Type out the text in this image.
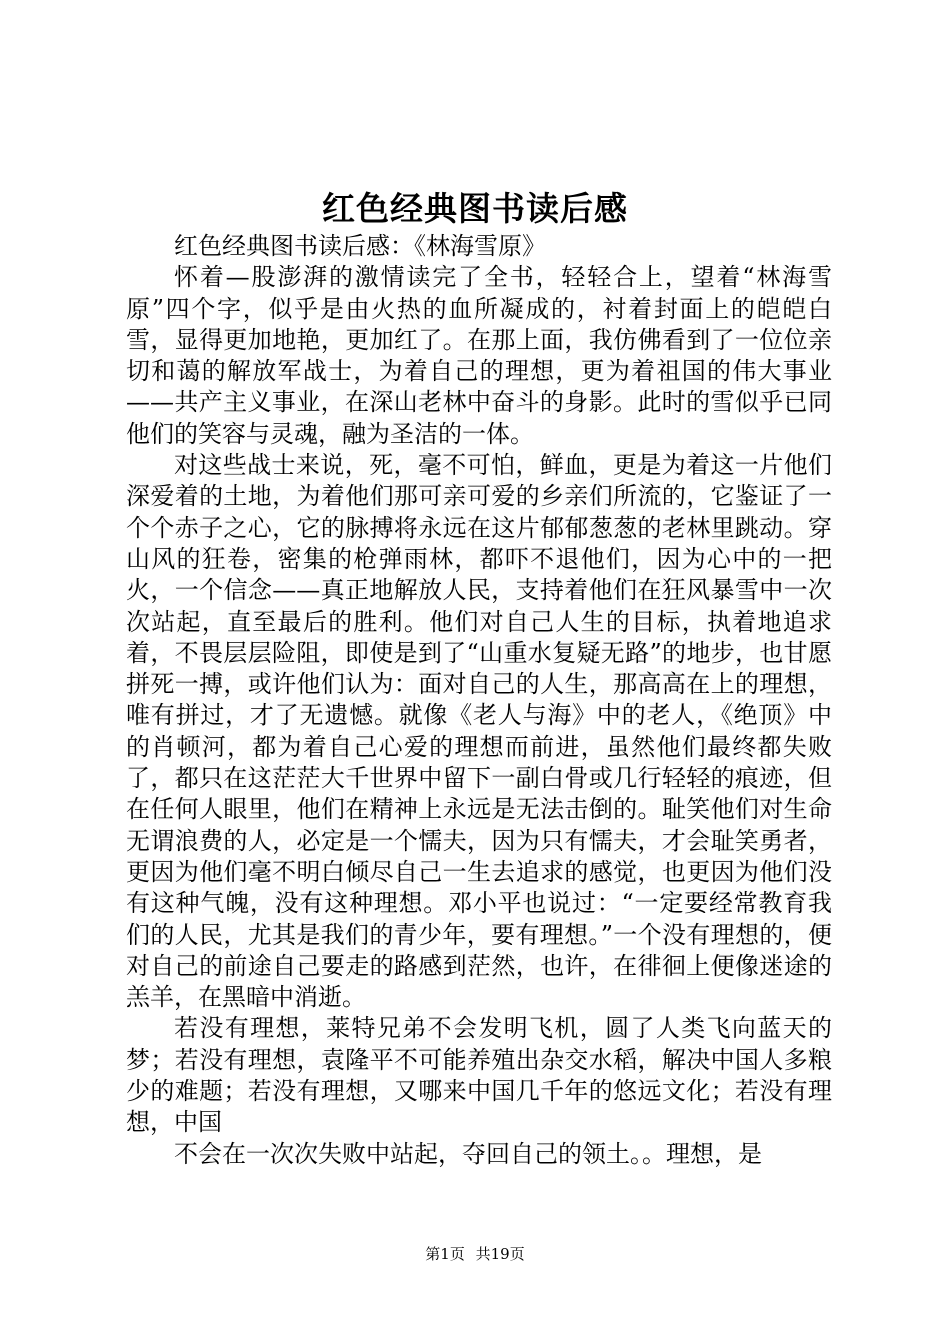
红色经典图书读后感

红色经典图书读后感：《林海雪原》

怀着—股澎湃的激情读完了全书，轻轻合上，望着“林海雪原”四个字，似乎是由火热的血所凝成的，衬着封面上的皑皑白雪，显得更加地艳，更加红了。在那上面，我仿佛看到了一位位亲切和蔼的解放军战士，为着自己的理想，更为着祖国的伟大事业——共产主义事业，在深山老林中奋斗的身影。此时的雪似乎已同他们的笑容与灵魂，融为圣洁的一体。

对这些战士来说，死，毫不可怕，鲜血，更是为着这一片他们深爱着的土地，为着他们那可亲可爱的乡亲们所流的，它鉴证了一个个赤子之心，它的脉搏将永远在这片郁郁葱葱的老林里跳动。穿山风的狂卷，密集的枪弹雨林，都吓不退他们，因为心中的一把火，一个信念——真正地解放人民，支持着他们在狂风暴雪中一次次站起，直至最后的胜利。他们对自己人生的目标，执着地追求着，不畏层层险阻，即使是到了“山重水复疑无路”的地步，也甘愿拼死一搏，或许他们认为：面对自己的人生，那高高在上的理想，唯有拼过，才了无遗憾。就像《老人与海》中的老人，《绝顶》中的肖顿河，都为着自己心爱的理想而前进，虽然他们最终都失败了，都只在这茫茫大千世界中留下一副白骨或几行轻轻的痕迹，但在任何人眼里，他们在精神上永远是无法击倒的。耻笑他们对生命无谓浪费的人，必定是一个懦夫，因为只有懦夫，才会耻笑勇者，更因为他们毫不明白倾尽自己一生去追求的感觉，也更因为他们没有这种气魄，没有这种理想。邓小平也说过：“一定要经常教育我们的人民，尤其是我们的青少年，要有理想。”一个没有理想的，便对自己的前途自己要走的路感到茫然，也许，在徘徊上便像迷途的羔羊，在黑暗中消逝。

若没有理想，莱特兄弟不会发明飞机，圆了人类飞向蓝天的梦；若没有理想，袁隆平不可能养殖出杂交水稻，解决中国人多粮少的难题；若没有理想，又哪来中国几千年的悠远文化；若没有理想，中国

不会在一次次失败中站起，夺回自己的领土。。理想，是

第1页 共19页
